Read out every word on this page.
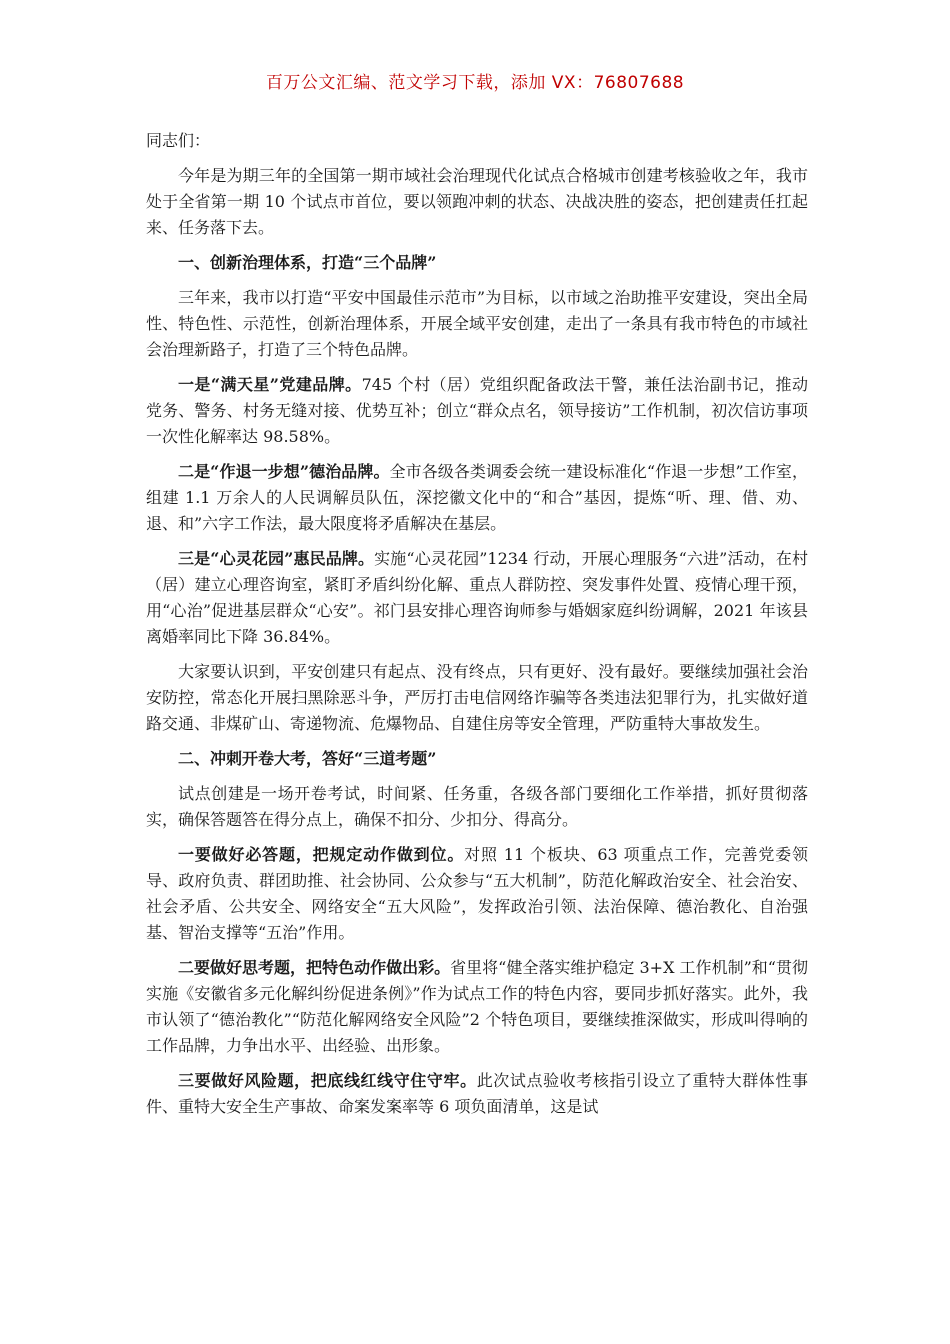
百万公文汇编、范文学习下载，添加 VX：76807688

同志们：

今年是为期三年的全国第一期市域社会治理现代化试点合格城市创建考核验收之年，我市处于全省第一期 10 个试点市首位，要以领跑冲刺的状态、决战决胜的姿态，把创建责任扛起来、任务落下去。

一、创新治理体系，打造“三个品牌”

三年来，我市以打造“平安中国最佳示范市”为目标，以市域之治助推平安建设，突出全局性、特色性、示范性，创新治理体系，开展全域平安创建，走出了一条具有我市特色的市域社会治理新路子，打造了三个特色品牌。

一是“满天星”党建品牌。745 个村（居）党组织配备政法干警，兼任法治副书记，推动党务、警务、村务无缝对接、优势互补；创立“群众点名，领导接访”工作机制，初次信访事项一次性化解率达 98.58%。

二是“作退一步想”德治品牌。全市各级各类调委会统一建设标准化“作退一步想”工作室，组建 1.1 万余人的人民调解员队伍，深挖徽文化中的“和合”基因，提炼“听、理、借、劝、退、和”六字工作法，最大限度将矛盾解决在基层。

三是“心灵花园”惠民品牌。实施“心灵花园”1234 行动，开展心理服务“六进”活动，在村（居）建立心理咨询室，紧盯矛盾纠纷化解、重点人群防控、突发事件处置、疫情心理干预，用“心治”促进基层群众“心安”。祁门县安排心理咨询师参与婚姻家庭纠纷调解，2021 年该县离婚率同比下降 36.84%。

大家要认识到，平安创建只有起点、没有终点，只有更好、没有最好。要继续加强社会治安防控，常态化开展扫黑除恶斗争，严厉打击电信网络诈骗等各类违法犯罪行为，扎实做好道路交通、非煤矿山、寄递物流、危爆物品、自建住房等安全管理，严防重特大事故发生。

二、冲刺开卷大考，答好“三道考题”

试点创建是一场开卷考试，时间紧、任务重，各级各部门要细化工作举措，抓好贯彻落实，确保答题答在得分点上，确保不扣分、少扣分、得高分。

一要做好必答题，把规定动作做到位。对照 11 个板块、63 项重点工作，完善党委领导、政府负责、群团助推、社会协同、公众参与“五大机制”，防范化解政治安全、社会治安、社会矛盾、公共安全、网络安全“五大风险”，发挥政治引领、法治保障、德治教化、自治强基、智治支撑等“五治”作用。

二要做好思考题，把特色动作做出彩。省里将“健全落实维护稳定 3+X 工作机制”和“贯彻实施《安徽省多元化解纠纷促进条例》”作为试点工作的特色内容，要同步抓好落实。此外，我市认领了“德治教化”“防范化解网络安全风险”2 个特色项目，要继续推深做实，形成叫得响的工作品牌，力争出水平、出经验、出形象。

三要做好风险题，把底线红线守住守牢。此次试点验收考核指引设立了重特大群体性事件、重特大安全生产事故、命案发案率等 6 项负面清单，这是试
